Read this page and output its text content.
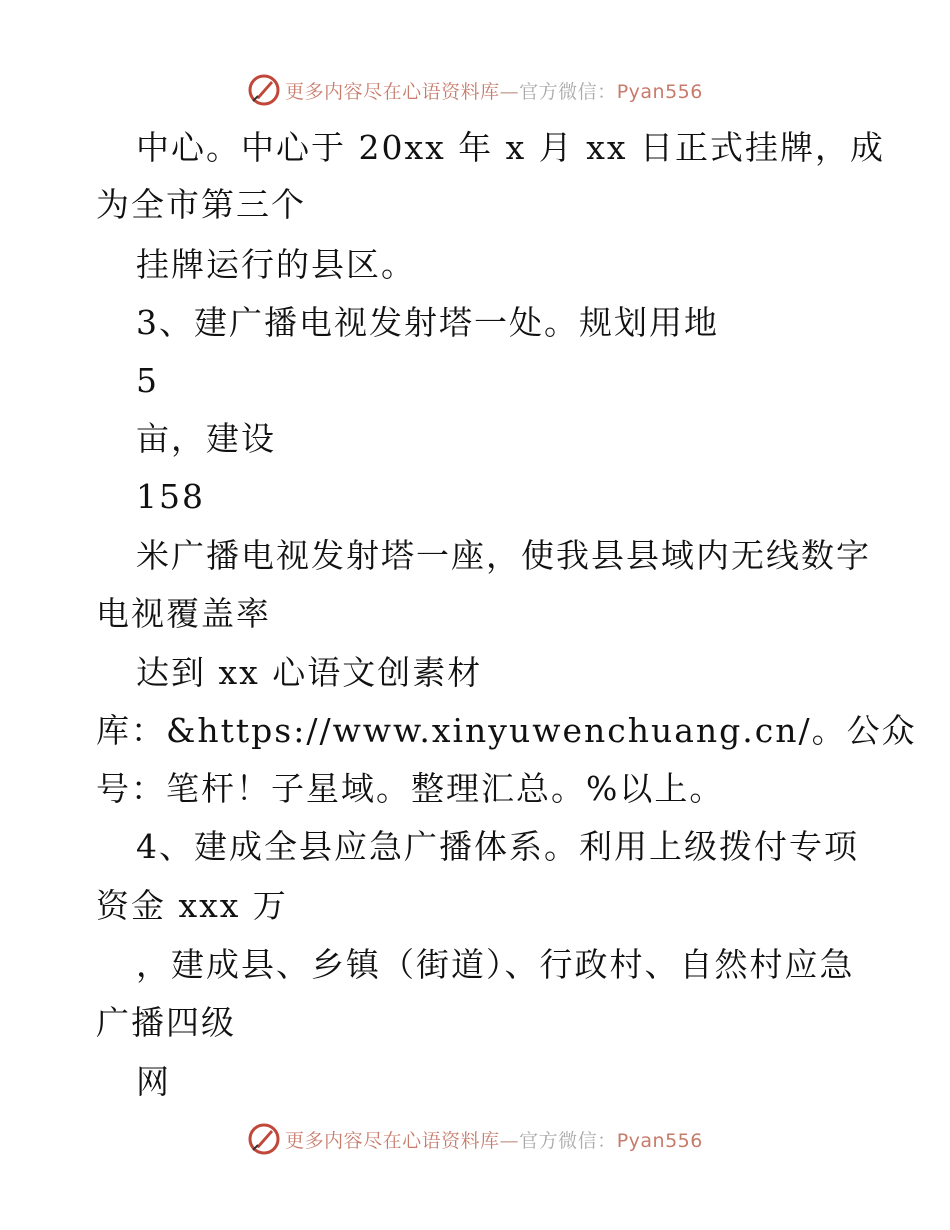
更多内容尽在心语资料库—官方微信：Pyan556
中心。中心于 20xx 年 x 月 xx 日正式挂牌，成
为全市第三个
挂牌运行的县区。
3、建广播电视发射塔一处。规划用地
5
亩，建设
158
米广播电视发射塔一座，使我县县域内无线数字
电视覆盖率
达到 xx 心语文创素材
库：&https://www.xinyuwenchuang.cn/。公众
号：笔杆！子星域。整理汇总。%以上。
4、建成全县应急广播体系。利用上级拨付专项
资金 xxx 万
，建成县、乡镇（街道）、行政村、自然村应急
广播四级
网
更多内容尽在心语资料库—官方微信：Pyan556
